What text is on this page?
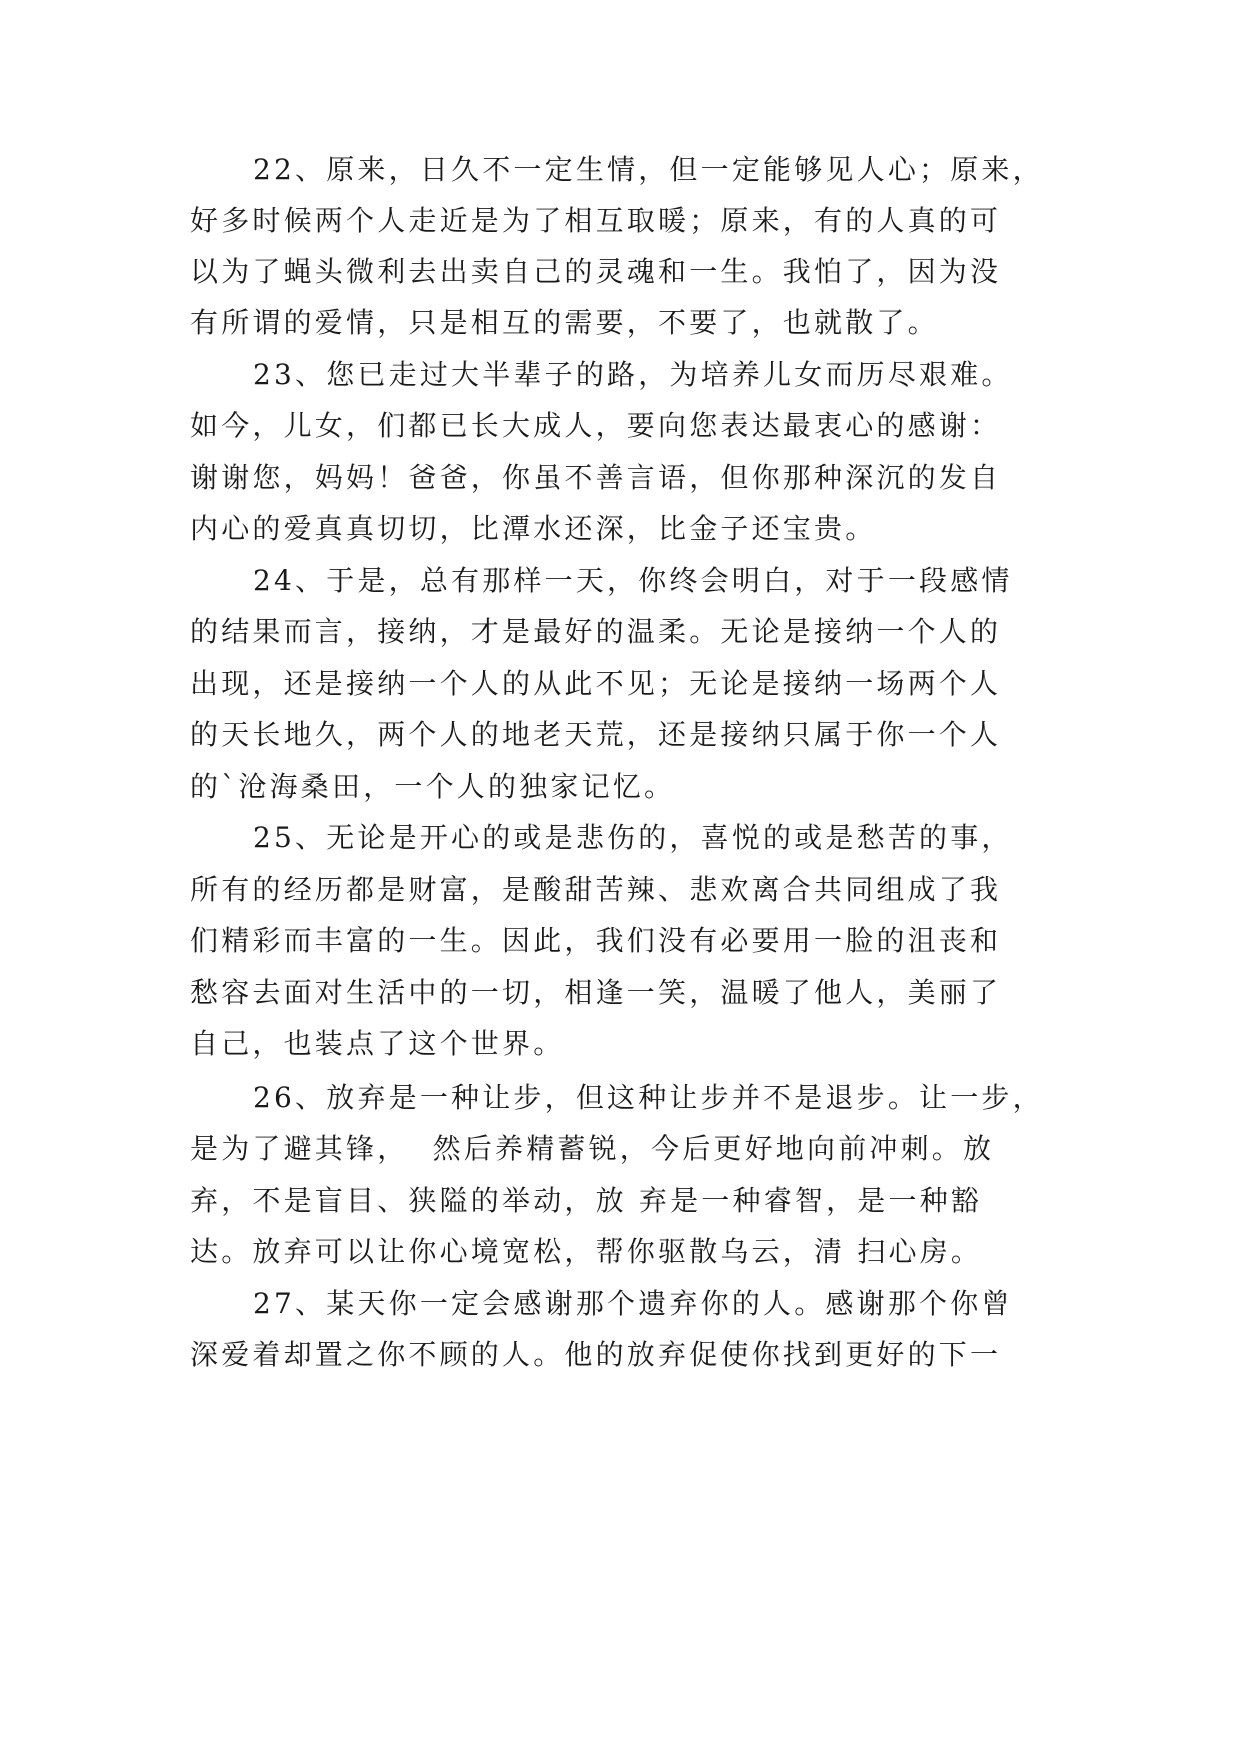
22、原来，日久不一定生情，但一定能够见人心；原来，
好多时候两个人走近是为了相互取暖；原来，有的人真的可
以为了蝇头微利去出卖自己的灵魂和一生。我怕了，因为没
有所谓的爱情，只是相互的需要，不要了，也就散了。
23、您已走过大半辈子的路，为培养儿女而历尽艰难。
如今，儿女，们都已长大成人，要向您表达最衷心的感谢：
谢谢您，妈妈！爸爸，你虽不善言语，但你那种深沉的发自
内心的爱真真切切，比潭水还深，比金子还宝贵。
24、于是，总有那样一天，你终会明白，对于一段感情
的结果而言，接纳，才是最好的温柔。无论是接纳一个人的
出现，还是接纳一个人的从此不见；无论是接纳一场两个人
的天长地久，两个人的地老天荒，还是接纳只属于你一个人
的`沧海桑田，一个人的独家记忆。
25、无论是开心的或是悲伤的，喜悦的或是愁苦的事，
所有的经历都是财富，是酸甜苦辣、悲欢离合共同组成了我
们精彩而丰富的一生。因此，我们没有必要用一脸的沮丧和
愁容去面对生活中的一切，相逢一笑，温暖了他人，美丽了
自己，也装点了这个世界。
26、放弃是一种让步，但这种让步并不是退步。让一步，
是为了避其锋，  然后养精蓄锐，今后更好地向前冲刺。放
弃，不是盲目、狭隘的举动，放 弃是一种睿智，是一种豁
达。放弃可以让你心境宽松，帮你驱散乌云，清 扫心房。
27、某天你一定会感谢那个遗弃你的人。感谢那个你曾
深爱着却置之你不顾的人。他的放弃促使你找到更好的下一
